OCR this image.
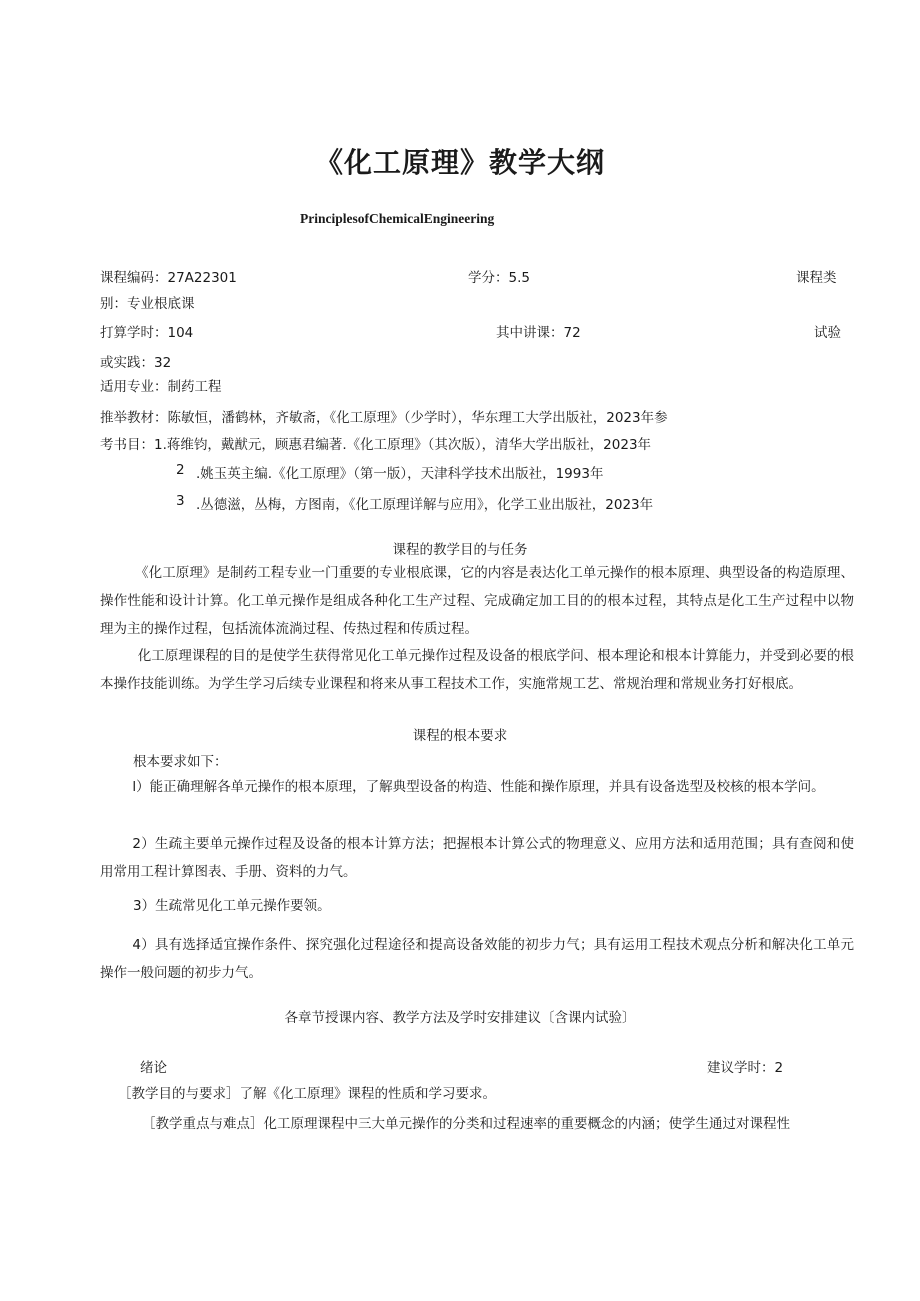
《化工原理》教学大纲
PrinciplesofChemicalEngineering
课程编码：27A22301	学分：5.5	课程类
别：专业根底课
打算学时：104	其中讲课：72	试验
或实践：32
适用专业：制药工程
推举教材：陈敏恒，潘鹤林，齐敏斋，《化工原理》（少学时），华东理工大学出版社，2023年参
考书目：1.蒋维钧，戴猷元，顾惠君编著.《化工原理》（其次版），清华大学出版社，2023年
2 .姚玉英主编.《化工原理》（第一版），天津科学技术出版社，1993年
3 .丛德滋，丛梅，方图南，《化工原理详解与应用》，化学工业出版社，2023年
课程的教学目的与任务
《化工原理》是制药工程专业一门重要的专业根底课，它的内容是表达化工单元操作的根本原理、典型设备的构造原理、操作性能和设计计算。化工单元操作是组成各种化工生产过程、完成确定加工目的的根本过程，其特点是化工生产过程中以物理为主的操作过程，包括流体流淌过程、传热过程和传质过程。
化工原理课程的目的是使学生获得常见化工单元操作过程及设备的根底学问、根本理论和根本计算能力，并受到必要的根本操作技能训练。为学生学习后续专业课程和将来从事工程技术工作，实施常规工艺、常规治理和常规业务打好根底。
课程的根本要求
根本要求如下：
l）能正确理解各单元操作的根本原理，了解典型设备的构造、性能和操作原理，并具有设备选型及校核的根本学问。
2）生疏主要单元操作过程及设备的根本计算方法；把握根本计算公式的物理意义、应用方法和适用范围；具有查阅和使用常用工程计算图表、手册、资料的力气。
3）生疏常见化工单元操作要领。
4）具有选择适宜操作条件、探究强化过程途径和提高设备效能的初步力气；具有运用工程技术观点分析和解决化工单元操作一般问题的初步力气。
各章节授课内容、教学方法及学时安排建议〔含课内试验〕
绪论	建议学时：2
［教学目的与要求］了解《化工原理》课程的性质和学习要求。
［教学重点与难点］化工原理课程中三大单元操作的分类和过程速率的重要概念的内涵；使学生通过对课程性
